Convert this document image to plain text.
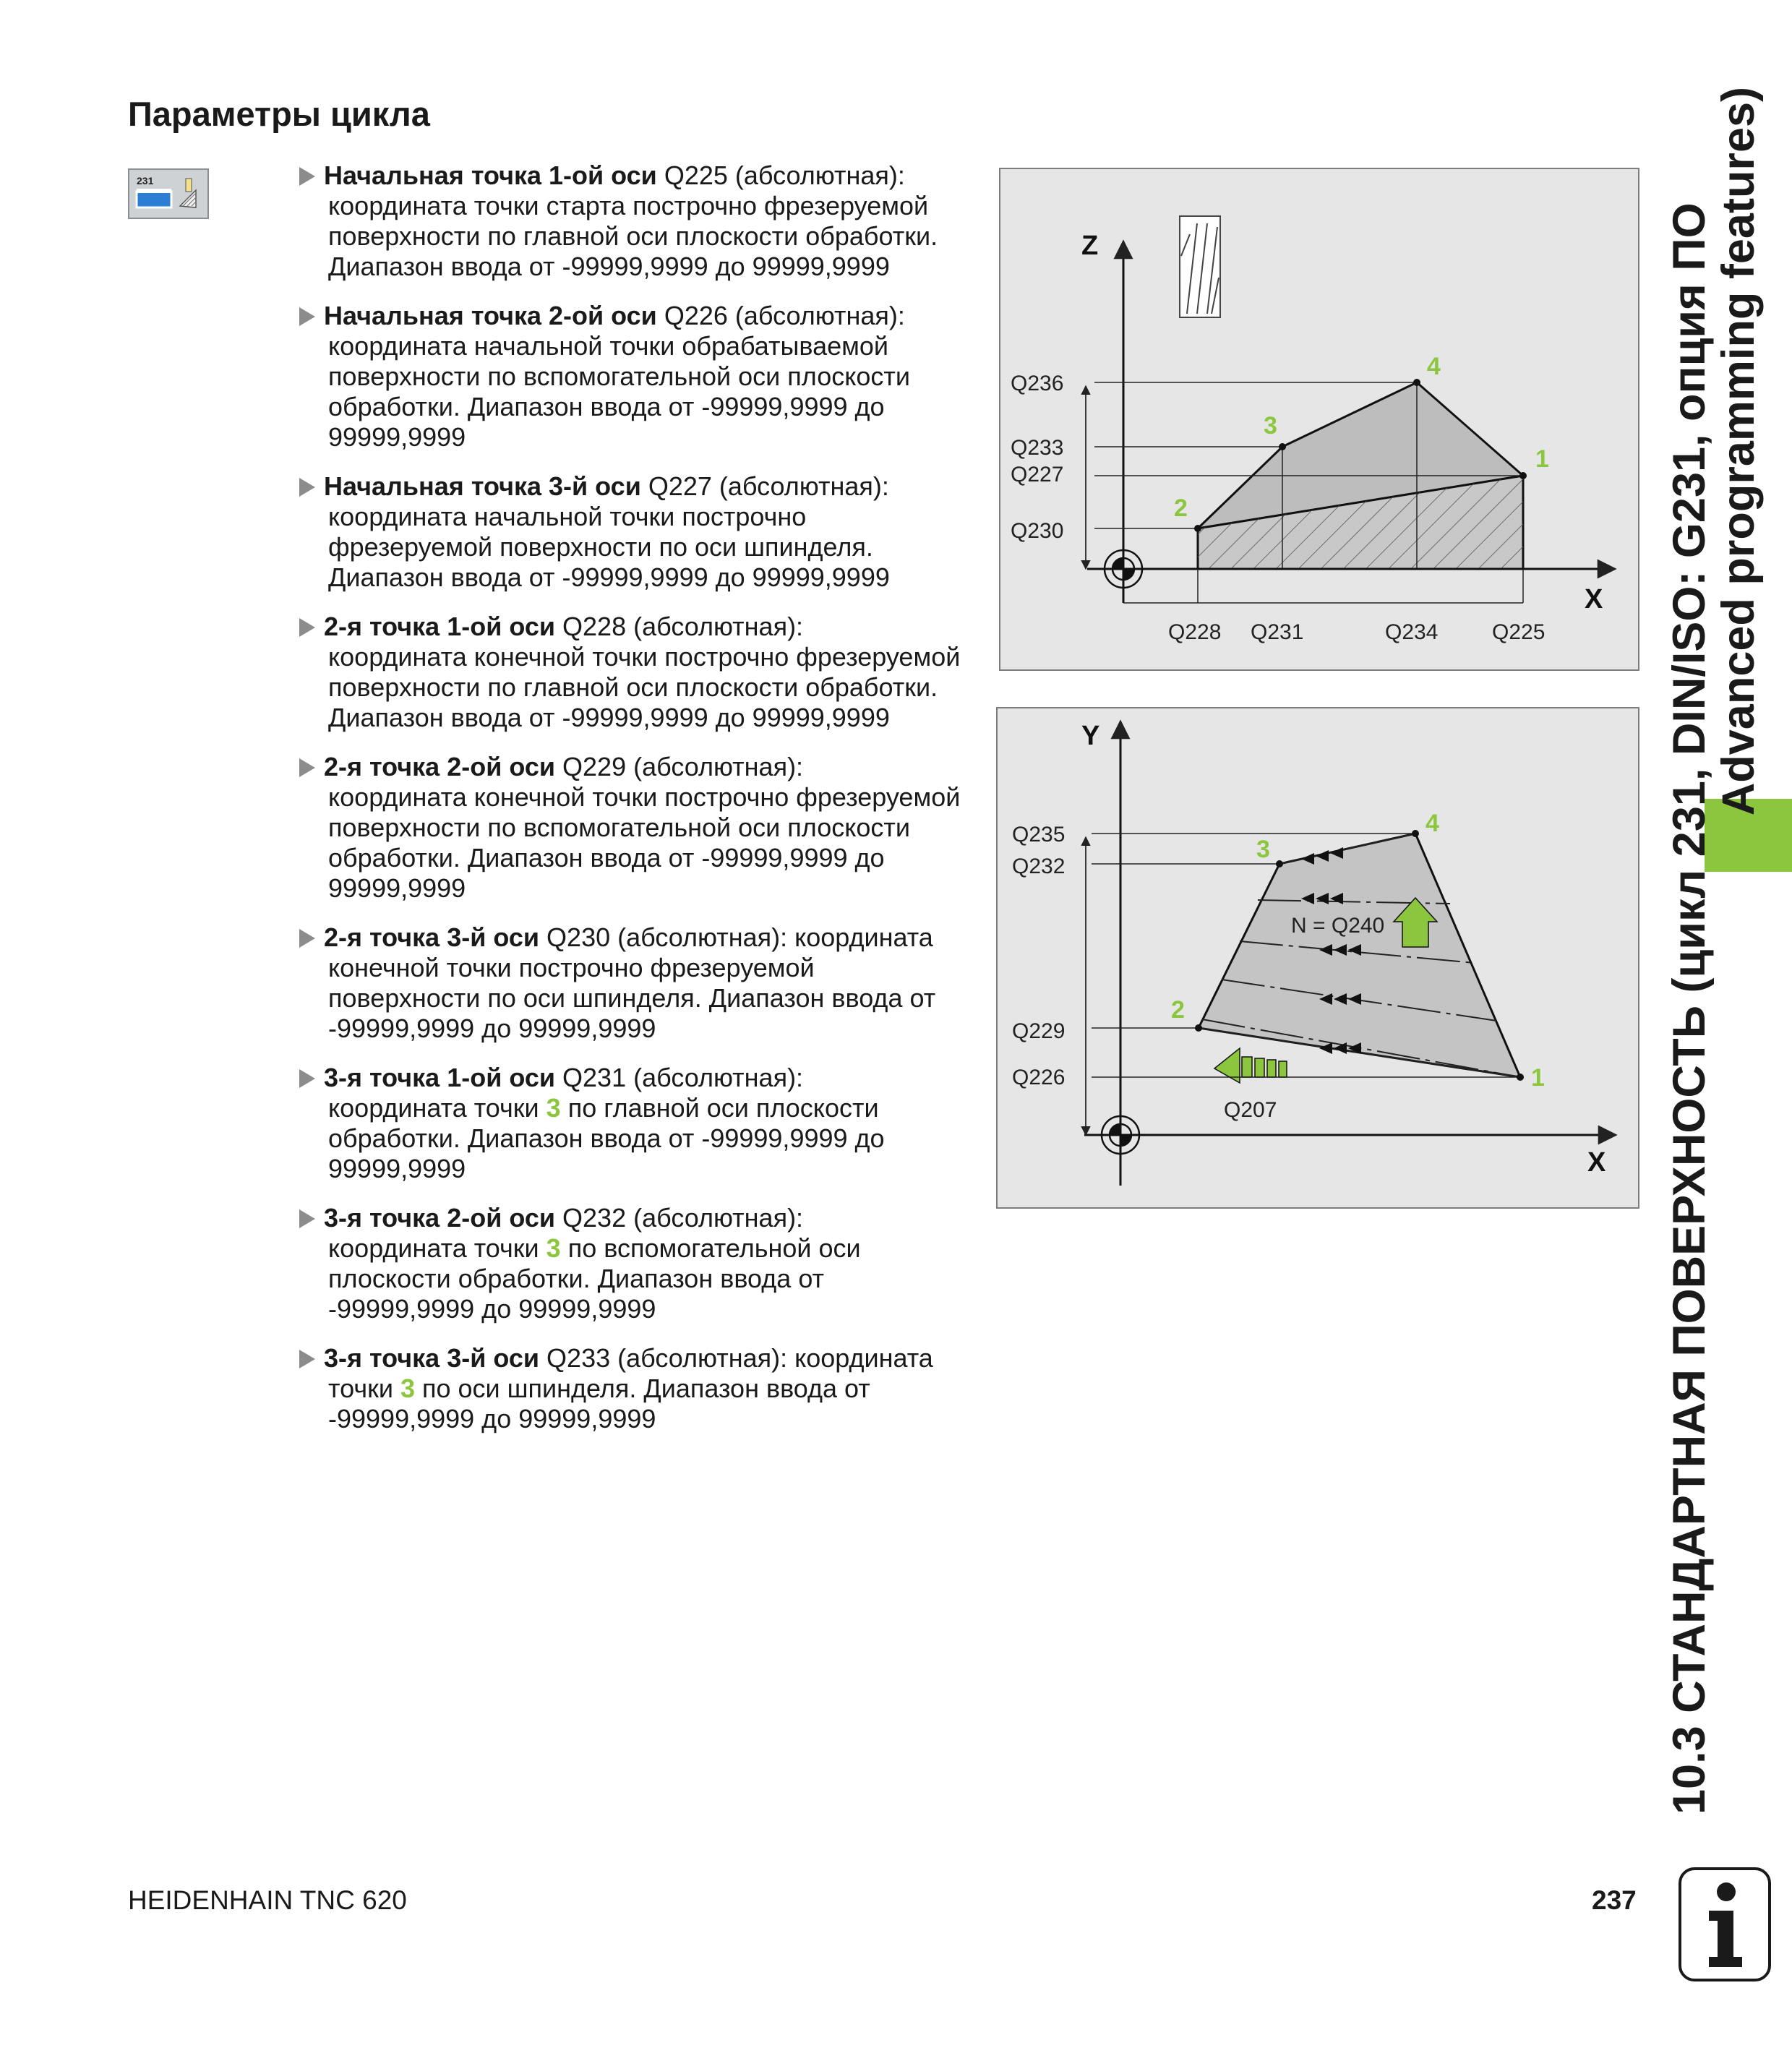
Параметры цикла
231	Начальная точка 1-ой оси Q225 (абсолютная):
координата точки старта построчно фрезеруемой поверхности по главной оси плоскости обработки. Диапазон ввода от -99999,9999 до 99999,9999
Начальная точка 2-ой оси Q226 (абсолютная):
координата начальной точки обрабатываемой поверхности по вспомогательной оси плоскости обработки. Диапазон ввода от -99999,9999 до 99999,9999
Начальная точка 3-й оси Q227 (абсолютная):
координата начальной точки построчно фрезеруемой поверхности по оси шпинделя. Диапазон ввода от -99999,9999 до 99999,9999
2-я точка 1-ой оси Q228 (абсолютная):
координата конечной точки построчно фрезеруемой поверхности по главной оси плоскости обработки. Диапазон ввода от -99999,9999 до 99999,9999
2-я точка 2-ой оси Q229 (абсолютная):
координата конечной точки построчно фрезеруемой поверхности по вспомогательной оси плоскости обработки. Диапазон ввода от -99999,9999 до 99999,9999
2-я точка 3-й оси Q230 (абсолютная): координата
конечной точки построчно фрезеруемой поверхности по оси шпинделя. Диапазон ввода от -99999,9999 до 99999,9999
3-я точка 1-ой оси Q231 (абсолютная):
координата точки 3 по главной оси плоскости обработки. Диапазон ввода от -99999,9999 до 99999,9999
3-я точка 2-ой оси Q232 (абсолютная):
координата точки 3 по вспомогательной оси плоскости обработки. Диапазон ввода от -99999,9999 до 99999,9999
3-я точка 3-й оси Q233 (абсолютная): координата
точки 3 по оси шпинделя. Диапазон ввода от -99999,9999 до 99999,9999
Z
X
Q236
Q233
Q227
Q230
Q228 Q231	Q234 Q225
1
2
3
4
N = Q240
Q207
Y
X
Q235
Q232
Q229
Q226	1
2
3
4	10.3 СТАНДАРТНАЯ ПОВЕРХНОСТЬ (цикл 231, DIN/ISO: G231, опция ПО
Advanced programming features)
HEIDENHAIN TNC 620	237
